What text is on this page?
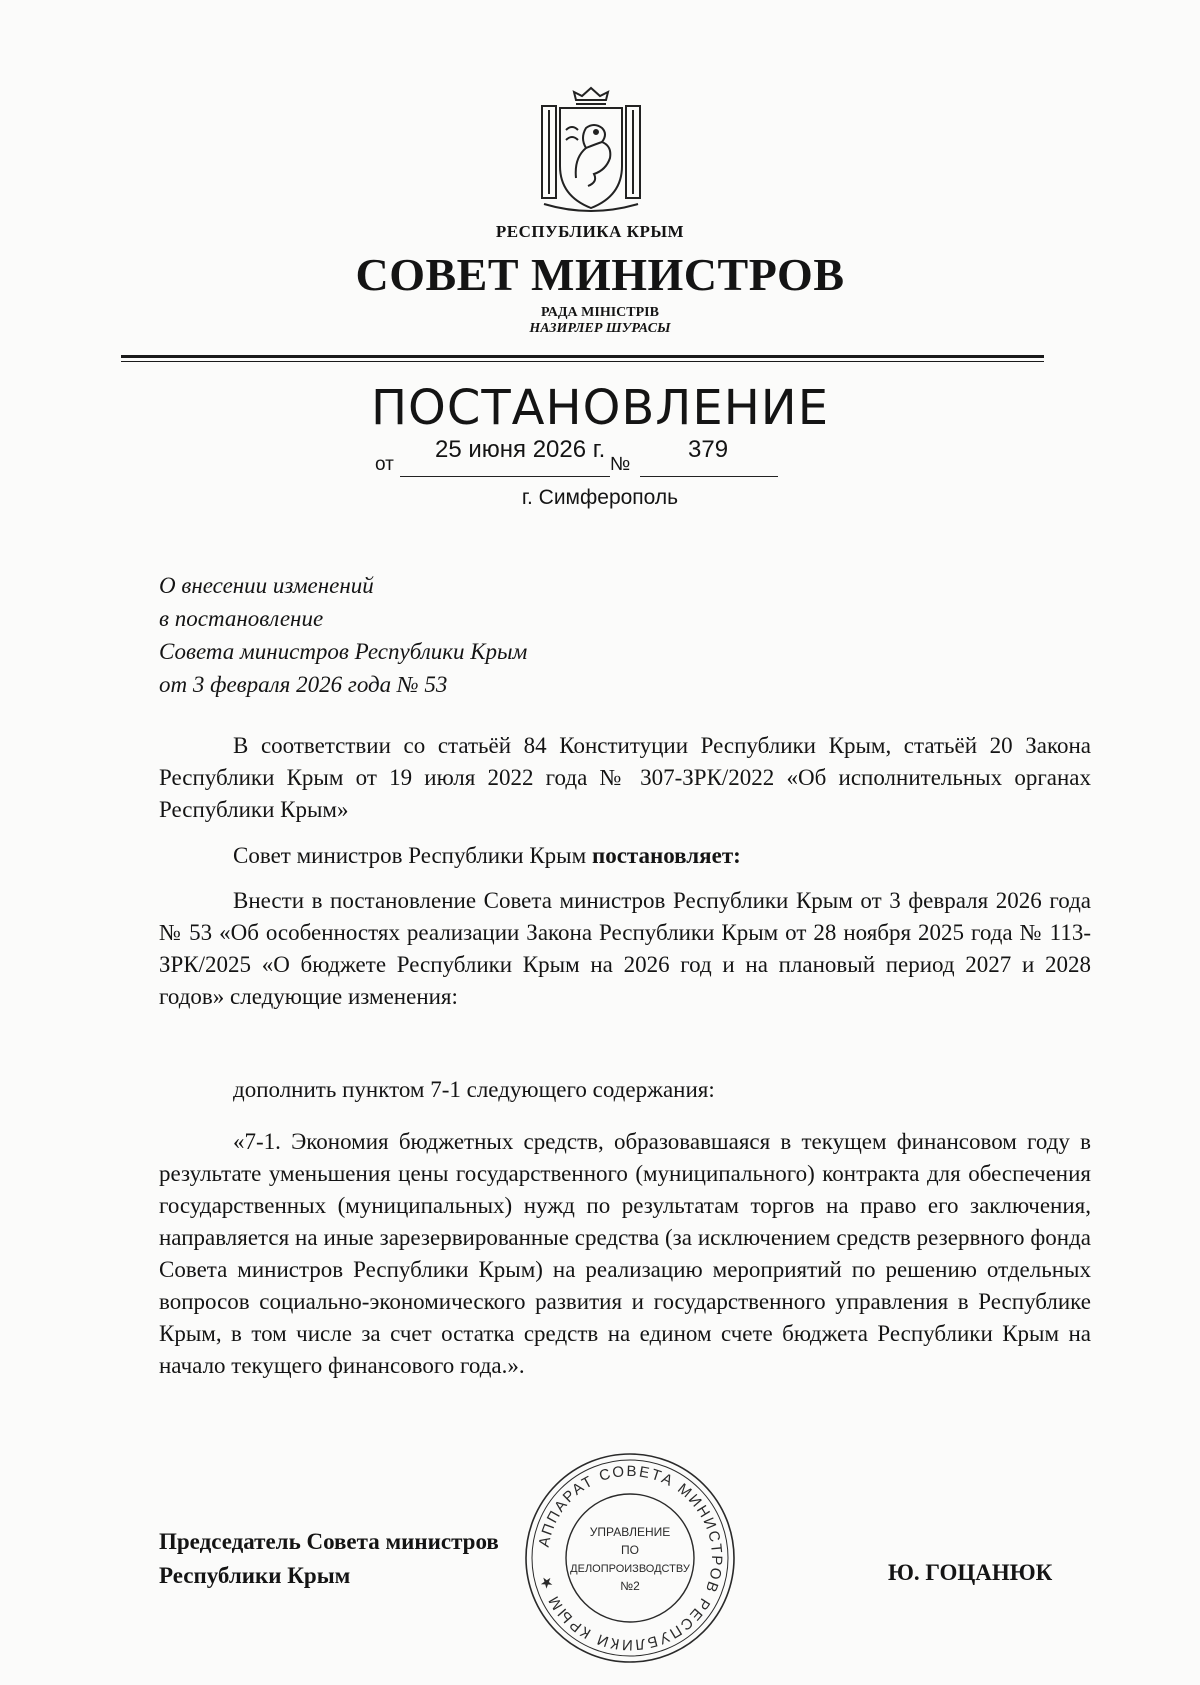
РЕСПУБЛИКА КРЫМ
СОВЕТ МИНИСТРОВ
РАДА МІНІСТРІВ
НАЗИРЛЕР ШУРАСЫ
ПОСТАНОВЛЕНИЕ
от
25 июня 2026 г.
№
379
г. Симферополь
О внесении изменений
в постановление
Совета министров Республики Крым
от 3 февраля 2026 года № 53
В соответствии со статьёй 84 Конституции Республики Крым, статьёй 20 Закона Республики Крым от 19 июля 2022 года № 307-ЗРК/2022 «Об исполнительных органах Республики Крым»
Совет министров Республики Крым постановляет:
Внести в постановление Совета министров Республики Крым от 3 февраля 2026 года № 53 «Об особенностях реализации Закона Республики Крым от 28 ноября 2025 года № 113-ЗРК/2025 «О бюджете Республики Крым на 2026 год и на плановый период 2027 и 2028 годов» следующие изменения:
дополнить пунктом 7-1 следующего содержания:
«7-1. Экономия бюджетных средств, образовавшаяся в текущем финансовом году в результате уменьшения цены государственного (муниципального) контракта для обеспечения государственных (муниципальных) нужд по результатам торгов на право его заключения, направляется на иные зарезервированные средства (за исключением средств резервного фонда Совета министров Республики Крым) на реализацию мероприятий по решению отдельных вопросов социально-экономического развития и государственного управления в Республике Крым, в том числе за счет остатка средств на едином счете бюджета Республики Крым на начало текущего финансового года.».
Председатель Совета министров
Республики Крым	Ю. ГОЦАНЮК
АППАРАТ СОВЕТА МИНИСТРОВ РЕСПУБЛИКИ КРЫМ ★
УПРАВЛЕНИЕ
ПО
ДЕЛОПРОИЗВОДСТВУ
№2
